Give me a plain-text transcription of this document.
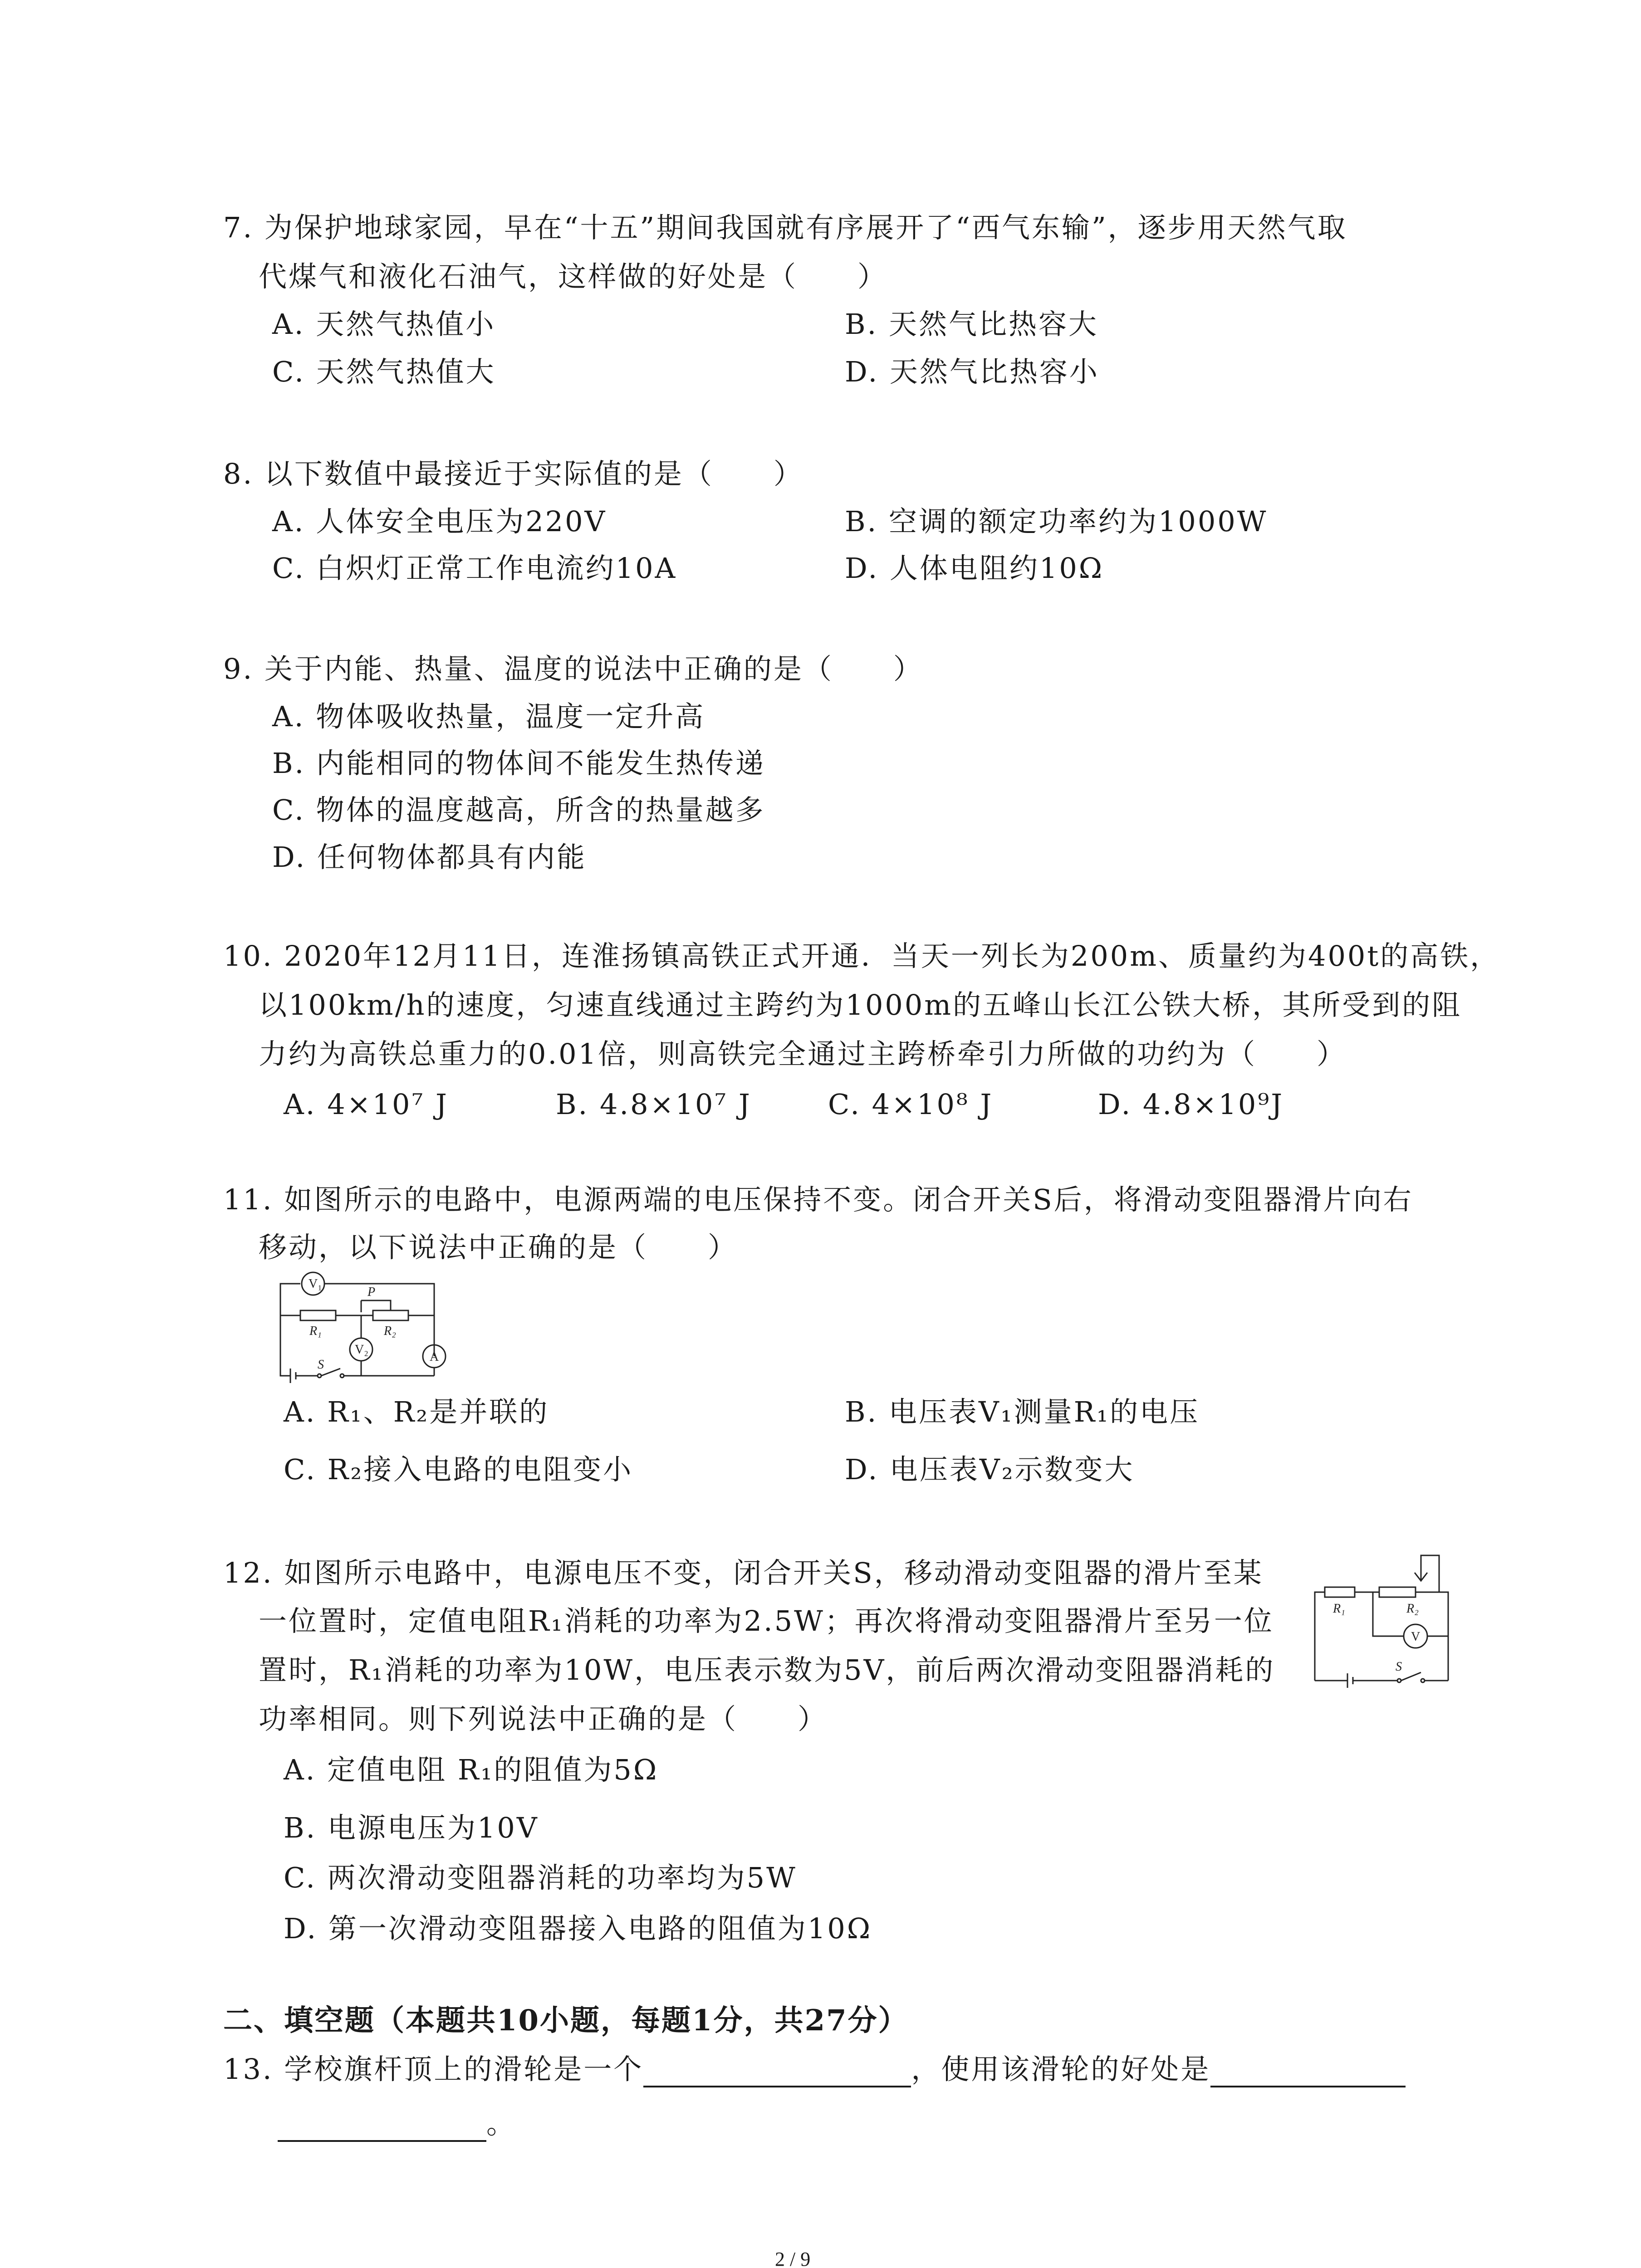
7. 为保护地球家园，早在“十五”期间我国就有序展开了“西气东输”，逐步用天然气取
代煤气和液化石油气，这样做的好处是（　　）
A. 天然气热值小	B. 天然气比热容大
C. 天然气热值大	D. 天然气比热容小
8. 以下数值中最接近于实际值的是（　　）
A. 人体安全电压为220V	B. 空调的额定功率约为1000W
C. 白炽灯正常工作电流约10A	D. 人体电阻约10Ω
9. 关于内能、热量、温度的说法中正确的是（　　）
A. 物体吸收热量，温度一定升高
B. 内能相同的物体间不能发生热传递
C. 物体的温度越高，所含的热量越多
D. 任何物体都具有内能
10. 2020年12月11日，连淮扬镇高铁正式开通．当天一列长为200m、质量约为400t的高铁，
以100km/h的速度，匀速直线通过主跨约为1000m的五峰山长江公铁大桥，其所受到的阻
力约为高铁总重力的0.01倍，则高铁完全通过主跨桥牵引力所做的功约为（　　）
A. 4×10⁷ J	B. 4.8×10⁷ J	C. 4×10⁸ J	D. 4.8×10⁹J
11. 如图所示的电路中，电源两端的电压保持不变。闭合开关S后，将滑动变阻器滑片向右
移动，以下说法中正确的是（　　）
V₁
P
R₁	R₂
V₂
A
S
A. R₁、R₂是并联的	B. 电压表V₁测量R₁的电压
C. R₂接入电路的电阻变小	D. 电压表V₂示数变大
12. 如图所示电路中，电源电压不变，闭合开关S，移动滑动变阻器的滑片至某
一位置时，定值电阻R₁消耗的功率为2.5W；再次将滑动变阻器滑片至另一位
置时，R₁消耗的功率为10W，电压表示数为5V，前后两次滑动变阻器消耗的
功率相同。则下列说法中正确的是（　　）
R₁	R₂
V
S
A. 定值电阻 R₁的阻值为5Ω
B. 电源电压为10V
C. 两次滑动变阻器消耗的功率均为5W
D. 第一次滑动变阻器接入电路的阻值为10Ω
二、填空题（本题共10小题，每题1分，共27分）
13. 学校旗杆顶上的滑轮是一个	，使用该滑轮的好处是
。
2 / 9
